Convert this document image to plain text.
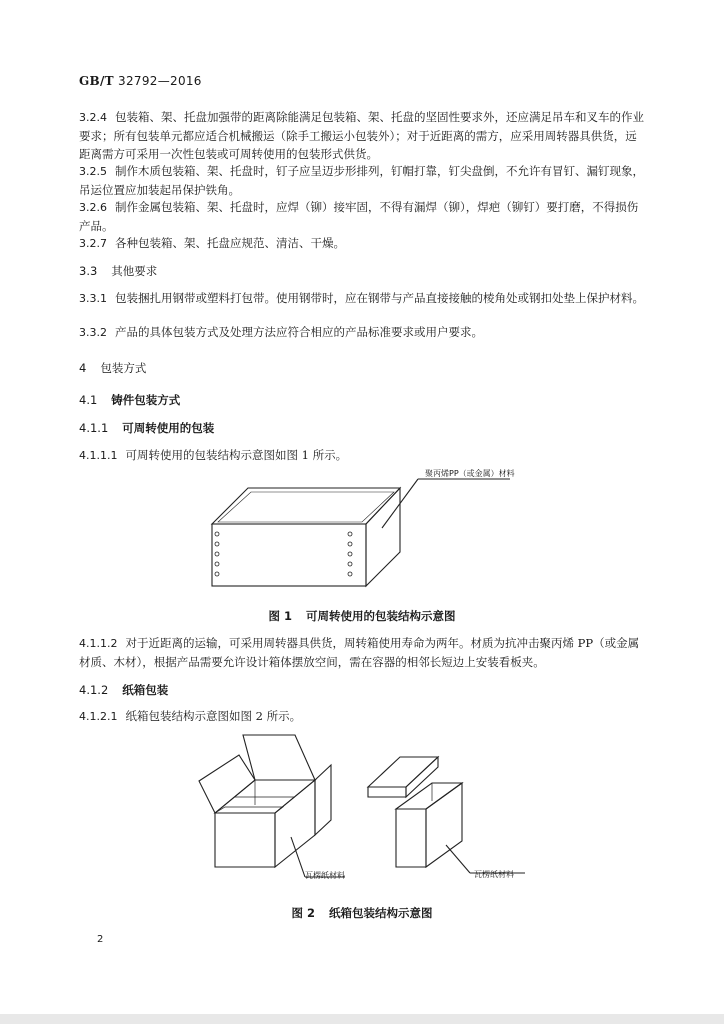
GB/T 32792—2016
3.2.4 包装箱、架、托盘加强带的距离除能满足包装箱、架、托盘的坚固性要求外，还应满足吊车和叉车的作业要求；所有包装单元都应适合机械搬运（除手工搬运小包装外）；对于近距离的需方，应采用周转器具供货，远距离需方可采用一次性包装或可周转使用的包装形式供货。
3.2.5 制作木质包装箱、架、托盘时，钉子应呈迈步形排列，钉帽打靠，钉尖盘倒，不允许有冒钉、漏钉现象，吊运位置应加装起吊保护铁角。
3.2.6 制作金属包装箱、架、托盘时，应焊（铆）接牢固，不得有漏焊（铆），焊疤（铆钉）要打磨，不得损伤产品。
3.2.7 各种包装箱、架、托盘应规范、清洁、干燥。
3.3 其他要求
3.3.1 包装捆扎用钢带或塑料打包带。使用钢带时，应在钢带与产品直接接触的棱角处或钢扣处垫上保护材料。
3.3.2 产品的具体包装方式及处理方法应符合相应的产品标准要求或用户要求。
4 包装方式
4.1 铸件包装方式
4.1.1 可周转使用的包装
4.1.1.1 可周转使用的包装结构示意图如图 1 所示。
聚丙烯PP（或金属）材料
图 1 可周转使用的包装结构示意图
4.1.1.2 对于近距离的运输，可采用周转器具供货，周转箱使用寿命为两年。材质为抗冲击聚丙烯 PP（或金属材质、木材），根据产品需要允许设计箱体摆放空间，需在容器的相邻长短边上安装看板夹。
4.1.2 纸箱包装
4.1.2.1 纸箱包装结构示意图如图 2 所示。
瓦楞纸材料	瓦楞纸材料
图 2 纸箱包装结构示意图
2
